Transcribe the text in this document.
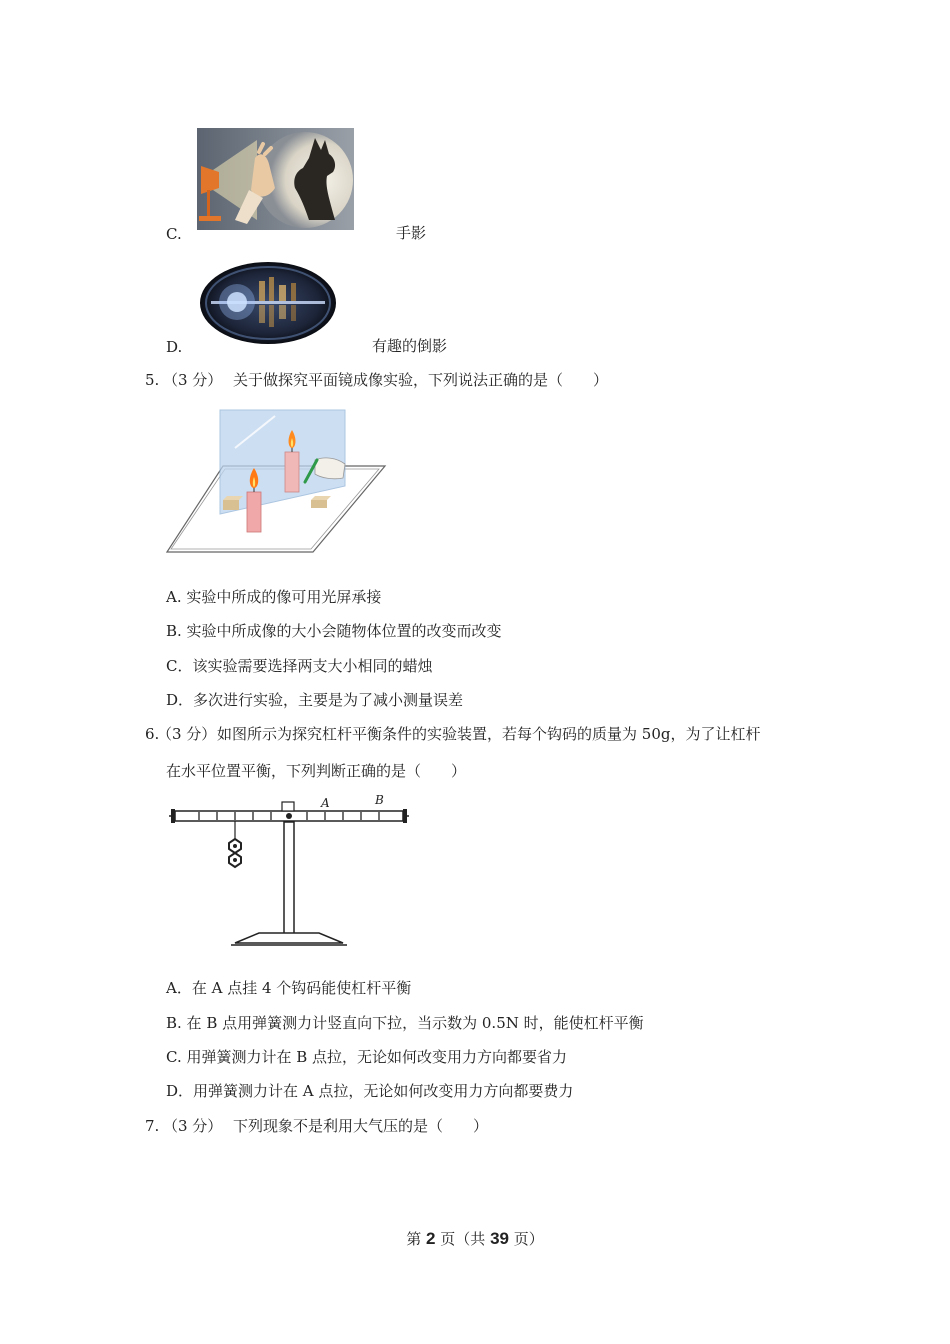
C.	手影
D.	有趣的倒影
5. （3 分） 关于做探究平面镜成像实验，下列说法正确的是（　　）
A. 实验中所成的像可用光屏承接
B. 实验中所成像的大小会随物体位置的改变而改变
C．该实验需要选择两支大小相同的蜡烛
D．多次进行实验，主要是为了减小测量误差
6.
（3 分） 如图所示为探究杠杆平衡条件的实验装置，若每个钩码的质量为 50g，为了让杠杆
在水平位置平衡，下列判断正确的是（　　）
A	B
A．在 A 点挂 4 个钩码能使杠杆平衡
B. 在 B 点用弹簧测力计竖直向下拉，当示数为 0.5N 时，能使杠杆平衡
C. 用弹簧测力计在 B 点拉，无论如何改变用力方向都要省力
D．用弹簧测力计在 A 点拉，无论如何改变用力方向都要费力
7. （3 分） 下列现象不是利用大气压的是（　　）
第 2 页（共 39 页）
